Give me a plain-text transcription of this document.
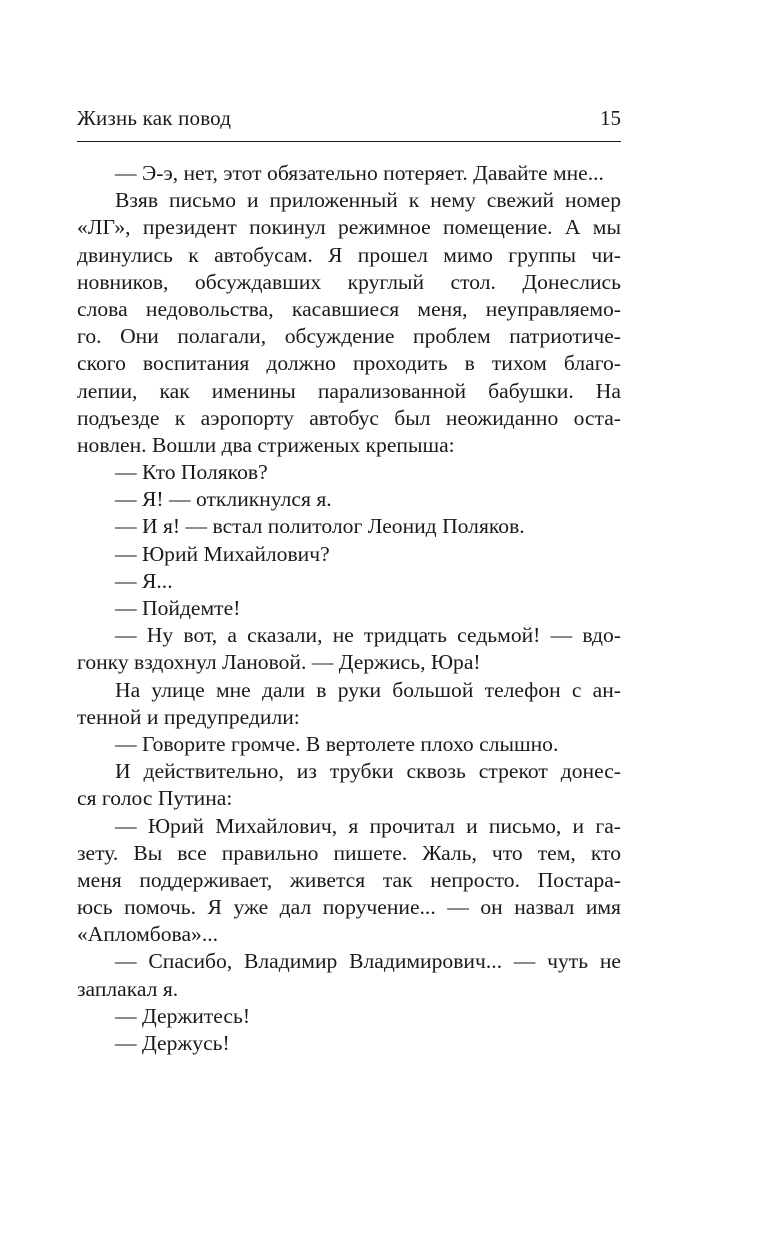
Жизнь как повод	15
— Э-э, нет, этот обязательно потеряет. Давайте мне...
Взяв письмо и приложенный к нему свежий номер
«ЛГ», президент покинул режимное помещение. А мы
двинулись к автобусам. Я прошел мимо группы чи-
новников, обсуждавших круглый стол. Донеслись
слова недовольства, касавшиеся меня, неуправляемо-
го. Они полагали, обсуждение проблем патриотиче-
ского воспитания должно проходить в тихом благо-
лепии, как именины парализованной бабушки. На
подъезде к аэропорту автобус был неожиданно оста-
новлен. Вошли два стриженых крепыша:
— Кто Поляков?
— Я! — откликнулся я.
— И я! — встал политолог Леонид Поляков.
— Юрий Михайлович?
— Я...
— Пойдемте!
— Ну вот, а сказали, не тридцать седьмой! — вдо-
гонку вздохнул Лановой. — Держись, Юра!
На улице мне дали в руки большой телефон с ан-
тенной и предупредили:
— Говорите громче. В вертолете плохо слышно.
И действительно, из трубки сквозь стрекот донес-
ся голос Путина:
— Юрий Михайлович, я прочитал и письмо, и га-
зету. Вы все правильно пишете. Жаль, что тем, кто
меня поддерживает, живется так непросто. Постара-
юсь помочь. Я уже дал поручение... — он назвал имя
«Апломбова»...
— Спасибо, Владимир Владимирович... — чуть не
заплакал я.
— Держитесь!
— Держусь!
